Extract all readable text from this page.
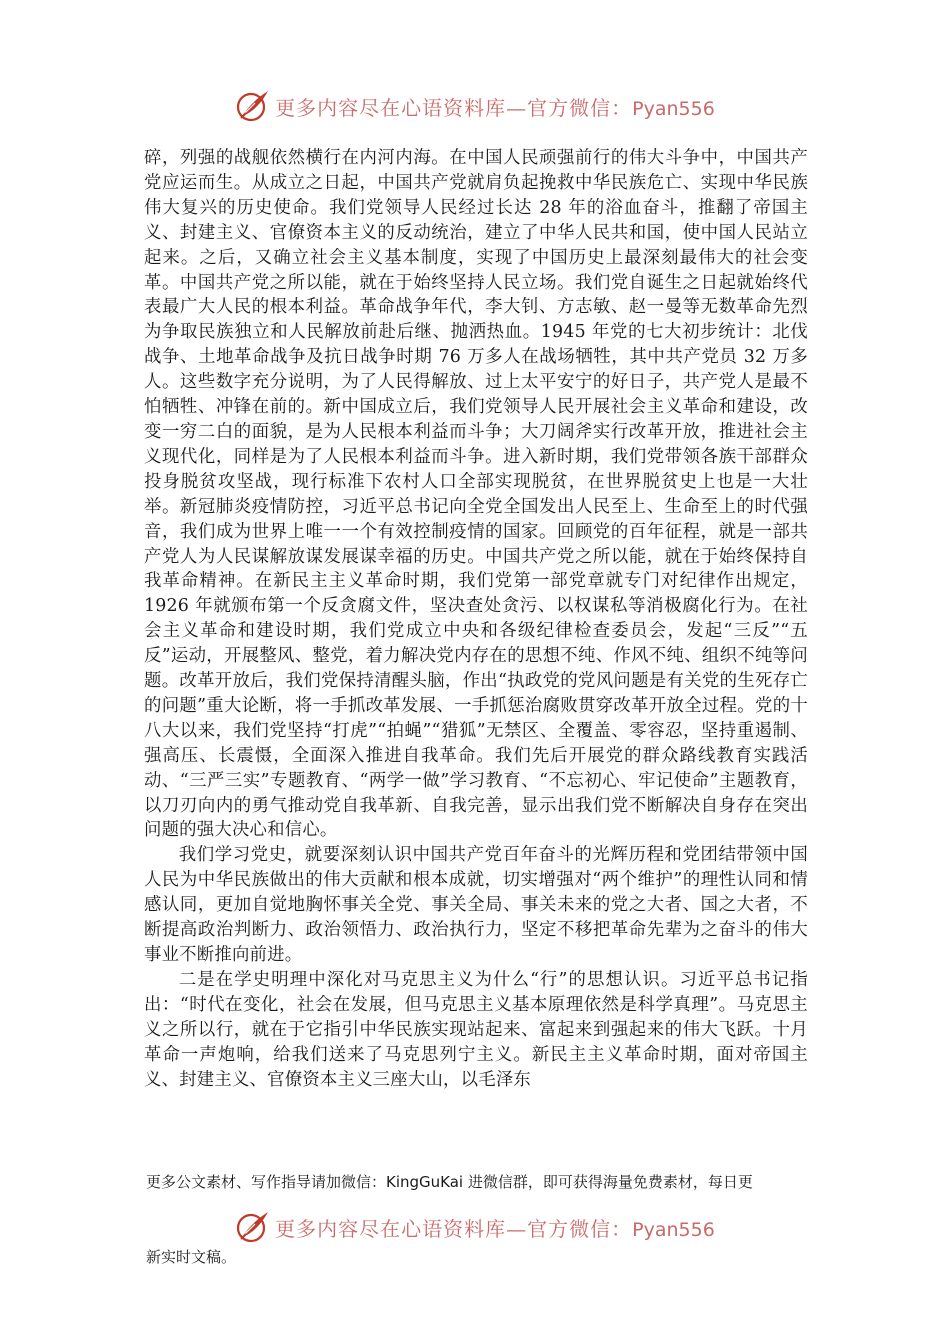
更多内容尽在心语资料库—官方微信：Pyan556

碎，列强的战舰依然横行在内河内海。在中国人民顽强前行的伟大斗争中，中国共产党应运而生。从成立之日起，中国共产党就肩负起挽救中华民族危亡、实现中华民族伟大复兴的历史使命。我们党领导人民经过长达 28 年的浴血奋斗，推翻了帝国主义、封建主义、官僚资本主义的反动统治，建立了中华人民共和国，使中国人民站立起来。之后，又确立社会主义基本制度，实现了中国历史上最深刻最伟大的社会变革。中国共产党之所以能，就在于始终坚持人民立场。我们党自诞生之日起就始终代表最广大人民的根本利益。革命战争年代，李大钊、方志敏、赵一曼等无数革命先烈为争取民族独立和人民解放前赴后继、抛洒热血。1945 年党的七大初步统计：北伐战争、土地革命战争及抗日战争时期 76 万多人在战场牺牲，其中共产党员 32 万多人。这些数字充分说明，为了人民得解放、过上太平安宁的好日子，共产党人是最不怕牺牲、冲锋在前的。新中国成立后，我们党领导人民开展社会主义革命和建设，改变一穷二白的面貌，是为人民根本利益而斗争；大刀阔斧实行改革开放，推进社会主义现代化，同样是为了人民根本利益而斗争。进入新时期，我们党带领各族干部群众投身脱贫攻坚战，现行标准下农村人口全部实现脱贫，在世界脱贫史上也是一大壮举。新冠肺炎疫情防控，习近平总书记向全党全国发出人民至上、生命至上的时代强音，我们成为世界上唯一一个有效控制疫情的国家。回顾党的百年征程，就是一部共产党人为人民谋解放谋发展谋幸福的历史。中国共产党之所以能，就在于始终保持自我革命精神。在新民主主义革命时期，我们党第一部党章就专门对纪律作出规定，1926 年就颁布第一个反贪腐文件，坚决查处贪污、以权谋私等消极腐化行为。在社会主义革命和建设时期，我们党成立中央和各级纪律检查委员会，发起“三反”“五反”运动，开展整风、整党，着力解决党内存在的思想不纯、作风不纯、组织不纯等问题。改革开放后，我们党保持清醒头脑，作出“执政党的党风问题是有关党的生死存亡的问题”重大论断，将一手抓改革发展、一手抓惩治腐败贯穿改革开放全过程。党的十八大以来，我们党坚持“打虎”“拍蝇”“猎狐”无禁区、全覆盖、零容忍，坚持重遏制、强高压、长震慑，全面深入推进自我革命。我们先后开展党的群众路线教育实践活动、“三严三实”专题教育、“两学一做”学习教育、“不忘初心、牢记使命”主题教育，以刀刃向内的勇气推动党自我革新、自我完善，显示出我们党不断解决自身存在突出问题的强大决心和信心。

我们学习党史，就要深刻认识中国共产党百年奋斗的光辉历程和党团结带领中国人民为中华民族做出的伟大贡献和根本成就，切实增强对“两个维护”的理性认同和情感认同，更加自觉地胸怀事关全党、事关全局、事关未来的党之大者、国之大者，不断提高政治判断力、政治领悟力、政治执行力，坚定不移把革命先辈为之奋斗的伟大事业不断推向前进。

二是在学史明理中深化对马克思主义为什么“行”的思想认识。习近平总书记指出：“时代在变化，社会在发展，但马克思主义基本原理依然是科学真理”。马克思主义之所以行，就在于它指引中华民族实现站起来、富起来到强起来的伟大飞跃。十月革命一声炮响，给我们送来了马克思列宁主义。新民主主义革命时期，面对帝国主义、封建主义、官僚资本主义三座大山，以毛泽东

更多公文素材、写作指导请加微信：KingGuKai 进微信群，即可获得海量免费素材，每日更
更多内容尽在心语资料库—官方微信：Pyan556
新实时文稿。
